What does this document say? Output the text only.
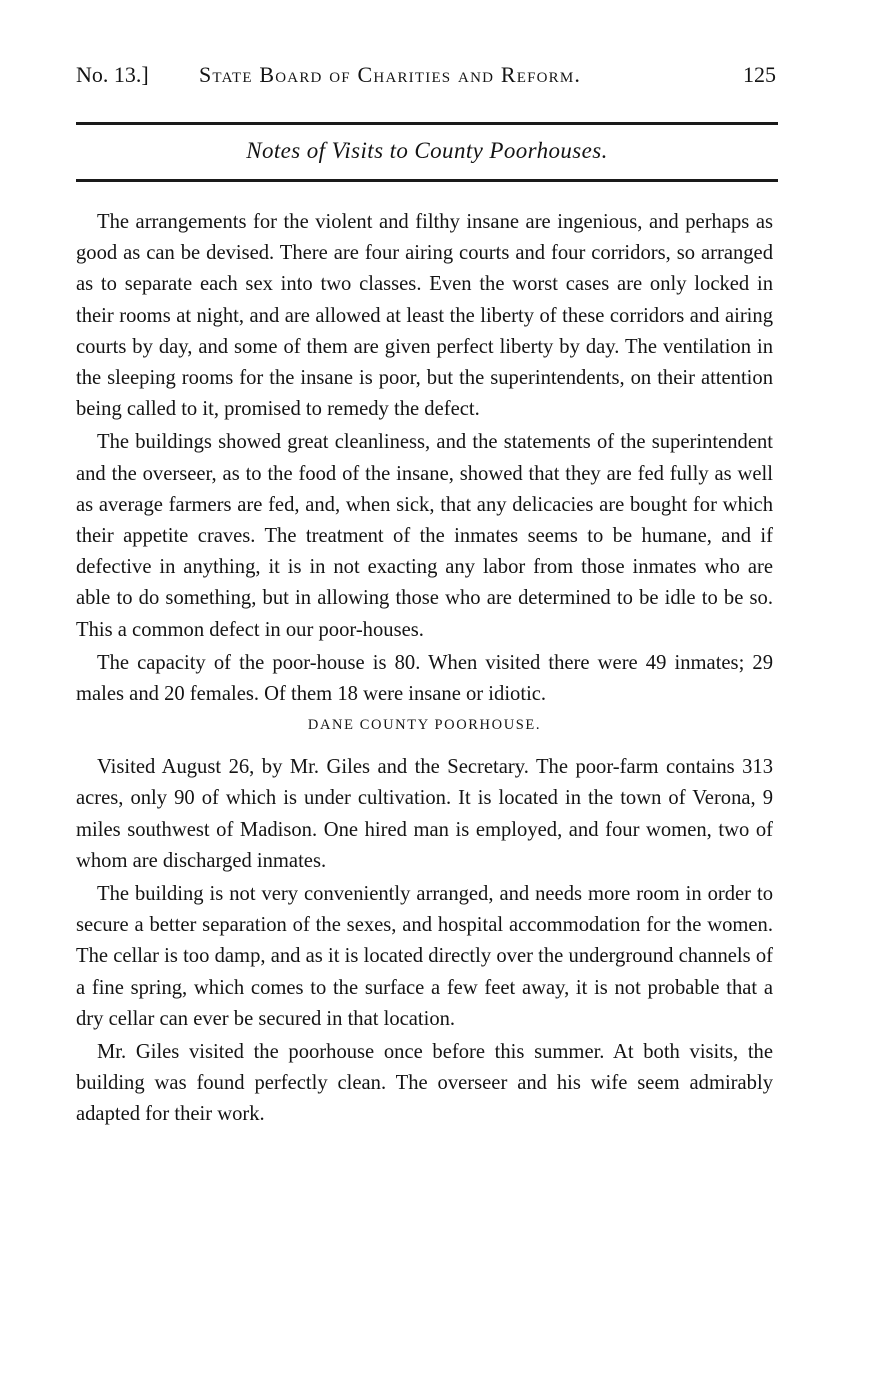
No. 13.] State Board of Charities and Reform.	125
Notes of Visits to County Poorhouses.

The arrangements for the violent and filthy insane are ingenious, and perhaps as good as can be devised. There are four airing courts and four corridors, so arranged as to separate each sex into two classes. Even the worst cases are only locked in their rooms at night, and are allowed at least the liberty of these corridors and airing courts by day, and some of them are given perfect liberty by day. The ventilation in the sleeping rooms for the insane is poor, but the superintendents, on their attention being called to it, promised to remedy the defect.

The buildings showed great cleanliness, and the statements of the superintendent and the overseer, as to the food of the insane, showed that they are fed fully as well as average farmers are fed, and, when sick, that any delicacies are bought for which their appetite craves. The treatment of the inmates seems to be humane, and if defective in anything, it is in not exacting any labor from those inmates who are able to do something, but in allowing those who are determined to be idle to be so. This a common defect in our poor-houses.

The capacity of the poor-house is 80. When visited there were 49 inmates; 29 males and 20 females. Of them 18 were insane or idiotic.

DANE COUNTY POORHOUSE.

Visited August 26, by Mr. Giles and the Secretary. The poor-farm contains 313 acres, only 90 of which is under cultivation. It is located in the town of Verona, 9 miles southwest of Madison. One hired man is employed, and four women, two of whom are discharged inmates.

The building is not very conveniently arranged, and needs more room in order to secure a better separation of the sexes, and hospital accommodation for the women. The cellar is too damp, and as it is located directly over the underground channels of a fine spring, which comes to the surface a few feet away, it is not probable that a dry cellar can ever be secured in that location.

Mr. Giles visited the poorhouse once before this summer. At both visits, the building was found perfectly clean. The overseer and his wife seem admirably adapted for their work.
